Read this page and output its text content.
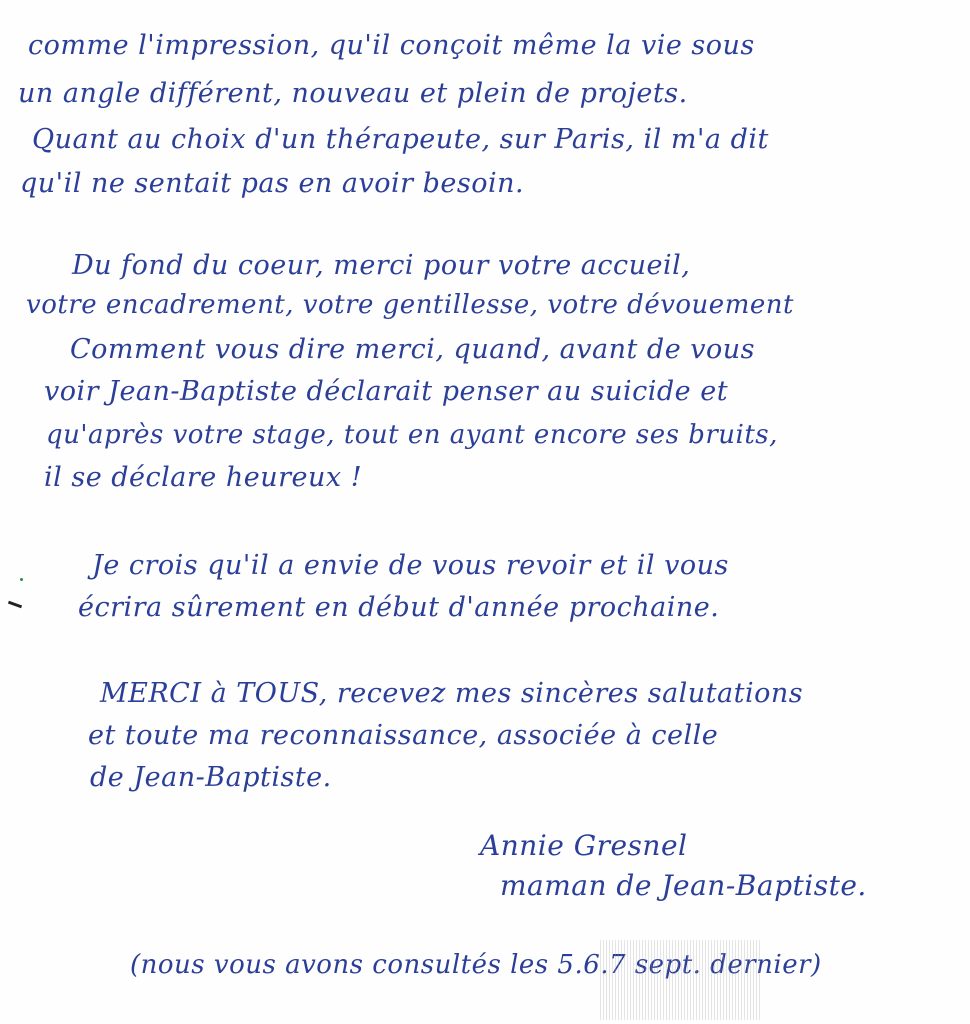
comme l'impression, qu'il conçoit même la vie sous
un angle différent, nouveau et plein de projets.
Quant au choix d'un thérapeute, sur Paris, il m'a dit
qu'il ne sentait pas en avoir besoin.
Du fond du coeur, merci pour votre accueil,
votre encadrement, votre gentillesse, votre dévouement
Comment vous dire merci, quand, avant de vous
voir Jean-Baptiste déclarait penser au suicide et
qu'après votre stage, tout en ayant encore ses bruits,
il se déclare heureux !
Je crois qu'il a envie de vous revoir et il vous
écrira sûrement en début d'année prochaine.
MERCI à TOUS, recevez mes sincères salutations
et toute ma reconnaissance, associée à celle
de Jean-Baptiste.
Annie Gresnel
maman de Jean-Baptiste.
(nous vous avons consultés les 5.6.7 sept. dernier)
